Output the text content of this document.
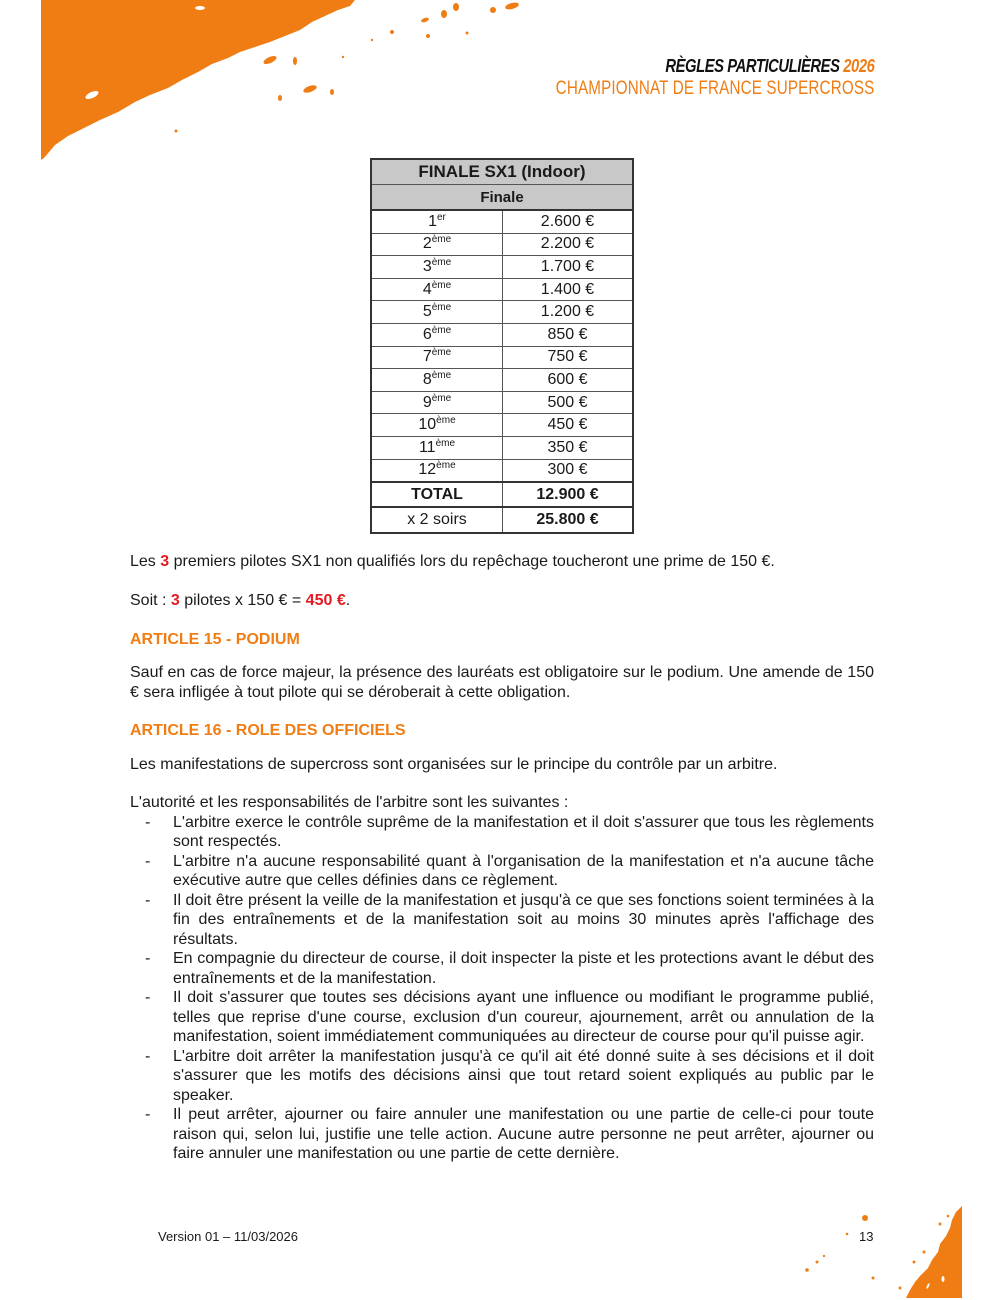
RÈGLES PARTICULIÈRES 2026
CHAMPIONNAT DE FRANCE SUPERCROSS
FINALE SX1 (Indoor)	
Finale	
1er	2.600 €
2ème	2.200 €
3ème	1.700 €
4ème	1.400 €
5ème	1.200 €
6ème	850 €
7ème	750 €
8ème	600 €
9ème	500 €
10ème	450 €
11ème	350 €
12ème	300 €
TOTAL	12.900 €
x 2 soirs	25.800 €
Les 3 premiers pilotes SX1 non qualifiés lors du repêchage toucheront une prime de 150 €.
Soit : 3 pilotes x 150 € = 450 €.
ARTICLE 15 - PODIUM
Sauf en cas de force majeur, la présence des lauréats est obligatoire sur le podium. Une amende de 150 € sera infligée à tout pilote qui se déroberait à cette obligation.
ARTICLE 16 - ROLE DES OFFICIELS
Les manifestations de supercross sont organisées sur le principe du contrôle par un arbitre.
L'autorité et les responsabilités de l'arbitre sont les suivantes :
- L'arbitre exerce le contrôle suprême de la manifestation et il doit s'assurer que tous les règlements sont respectés.
- L'arbitre n'a aucune responsabilité quant à l'organisation de la manifestation et n'a aucune tâche exécutive autre que celles définies dans ce règlement.
- Il doit être présent la veille de la manifestation et jusqu'à ce que ses fonctions soient terminées à la fin des entraînements et de la manifestation soit au moins 30 minutes après l'affichage des résultats.
- En compagnie du directeur de course, il doit inspecter la piste et les protections avant le début des entraînements et de la manifestation.
- Il doit s'assurer que toutes ses décisions ayant une influence ou modifiant le programme publié, telles que reprise d'une course, exclusion d'un coureur, ajournement, arrêt ou annulation de la manifestation, soient immédiatement communiquées au directeur de course pour qu'il puisse agir.
- L'arbitre doit arrêter la manifestation jusqu'à ce qu'il ait été donné suite à ses décisions et il doit s'assurer que les motifs des décisions ainsi que tout retard soient expliqués au public par le speaker.
- Il peut arrêter, ajourner ou faire annuler une manifestation ou une partie de celle-ci pour toute raison qui, selon lui, justifie une telle action. Aucune autre personne ne peut arrêter, ajourner ou faire annuler une manifestation ou une partie de cette dernière.
Version 01 – 11/03/2026	13
